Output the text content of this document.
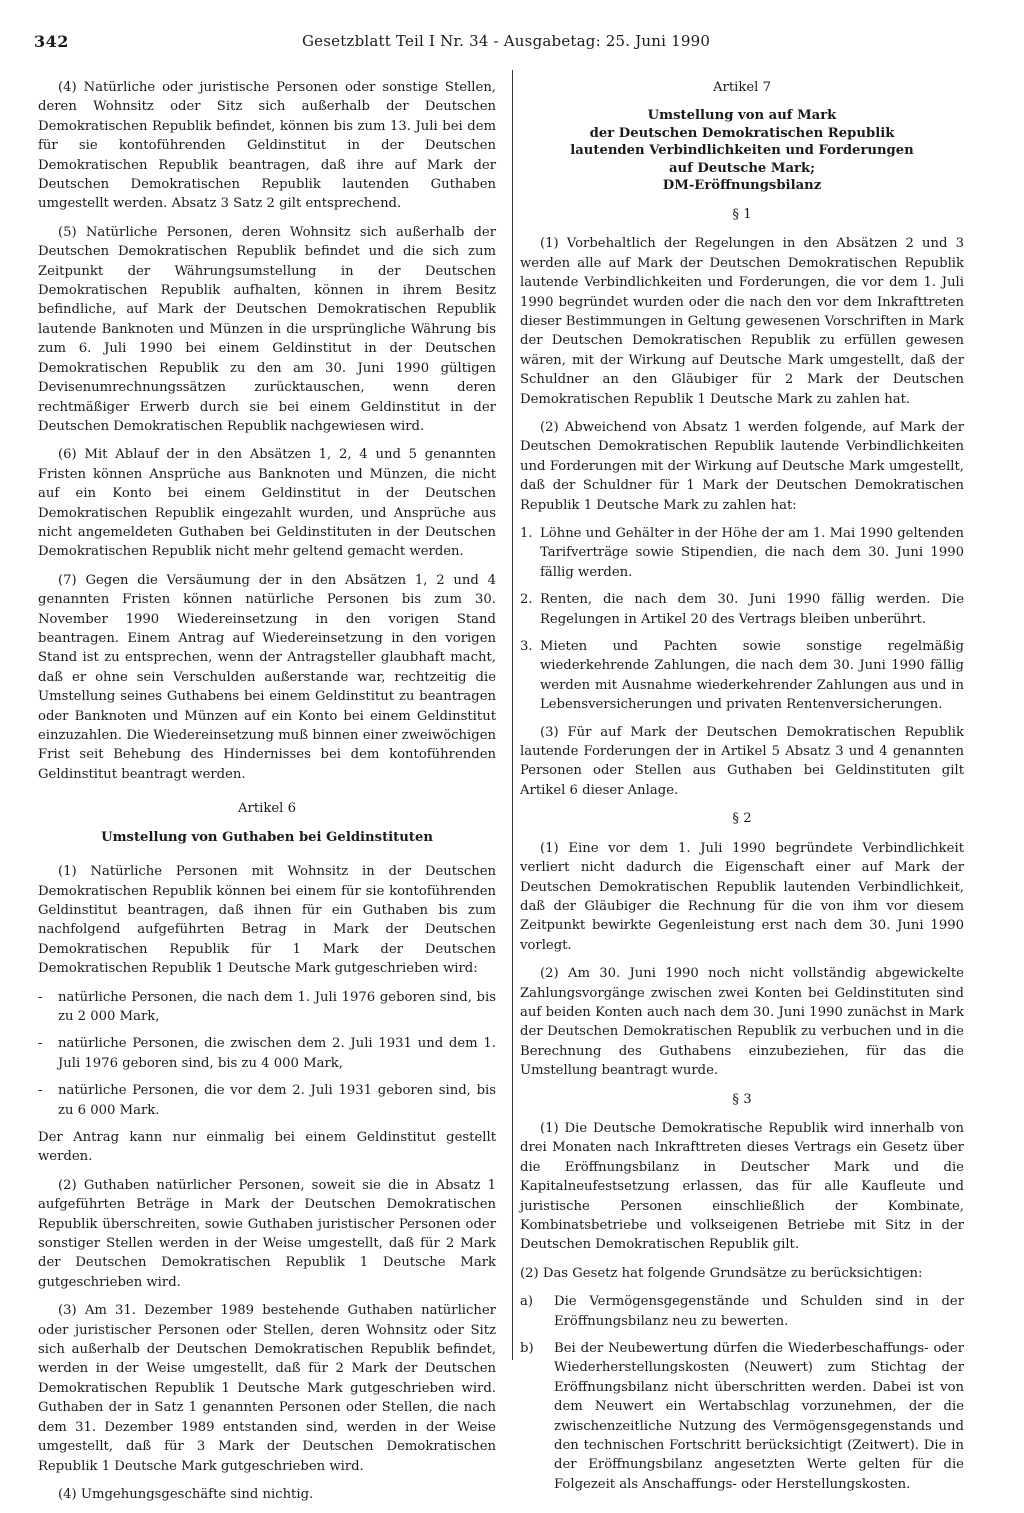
342	Gesetzblatt Teil I Nr. 34 - Ausgabetag: 25. Juni 1990

(4) Natürliche oder juristische Personen oder sonstige Stellen, deren Wohnsitz oder Sitz sich außerhalb der Deutschen Demokratischen Republik befindet, können bis zum 13. Juli bei dem für sie kontoführenden Geldinstitut in der Deutschen Demokratischen Republik beantragen, daß ihre auf Mark der Deutschen Demokratischen Republik lautenden Guthaben umgestellt werden. Absatz 3 Satz 2 gilt entsprechend.

(5) Natürliche Personen, deren Wohnsitz sich außerhalb der Deutschen Demokratischen Republik befindet und die sich zum Zeitpunkt der Währungsumstellung in der Deutschen Demokratischen Republik aufhalten, können in ihrem Besitz befindliche, auf Mark der Deutschen Demokratischen Republik lautende Banknoten und Münzen in die ursprüngliche Währung bis zum 6. Juli 1990 bei einem Geldinstitut in der Deutschen Demokratischen Republik zu den am 30. Juni 1990 gültigen Devisenumrechnungssätzen zurücktauschen, wenn deren rechtmäßiger Erwerb durch sie bei einem Geldinstitut in der Deutschen Demokratischen Republik nachgewiesen wird.

(6) Mit Ablauf der in den Absätzen 1, 2, 4 und 5 genannten Fristen können Ansprüche aus Banknoten und Münzen, die nicht auf ein Konto bei einem Geldinstitut in der Deutschen Demokratischen Republik eingezahlt wurden, und Ansprüche aus nicht angemeldeten Guthaben bei Geldinstituten in der Deutschen Demokratischen Republik nicht mehr geltend gemacht werden.

(7) Gegen die Versäumung der in den Absätzen 1, 2 und 4 genannten Fristen können natürliche Personen bis zum 30. November 1990 Wiedereinsetzung in den vorigen Stand beantragen. Einem Antrag auf Wiedereinsetzung in den vorigen Stand ist zu entsprechen, wenn der Antragsteller glaubhaft macht, daß er ohne sein Verschulden außerstande war, rechtzeitig die Umstellung seines Guthabens bei einem Geldinstitut zu beantragen oder Banknoten und Münzen auf ein Konto bei einem Geldinstitut einzuzahlen. Die Wiedereinsetzung muß binnen einer zweiwöchigen Frist seit Behebung des Hindernisses bei dem kontoführenden Geldinstitut beantragt werden.

Artikel 6

Umstellung von Guthaben bei Geldinstituten

(1) Natürliche Personen mit Wohnsitz in der Deutschen Demokratischen Republik können bei einem für sie kontoführenden Geldinstitut beantragen, daß ihnen für ein Guthaben bis zum nachfolgend aufgeführten Betrag in Mark der Deutschen Demokratischen Republik für 1 Mark der Deutschen Demokratischen Republik 1 Deutsche Mark gutgeschrieben wird:

-	natürliche Personen, die nach dem 1. Juli 1976 geboren sind, bis zu 2 000 Mark,
-	natürliche Personen, die zwischen dem 2. Juli 1931 und dem 1. Juli 1976 geboren sind, bis zu 4 000 Mark,
-	natürliche Personen, die vor dem 2. Juli 1931 geboren sind, bis zu 6 000 Mark.

Der Antrag kann nur einmalig bei einem Geldinstitut gestellt werden.

(2) Guthaben natürlicher Personen, soweit sie die in Absatz 1 aufgeführten Beträge in Mark der Deutschen Demokratischen Republik überschreiten, sowie Guthaben juristischer Personen oder sonstiger Stellen werden in der Weise umgestellt, daß für 2 Mark der Deutschen Demokratischen Republik 1 Deutsche Mark gutgeschrieben wird.

(3) Am 31. Dezember 1989 bestehende Guthaben natürlicher oder juristischer Personen oder Stellen, deren Wohnsitz oder Sitz sich außerhalb der Deutschen Demokratischen Republik befindet, werden in der Weise umgestellt, daß für 2 Mark der Deutschen Demokratischen Republik 1 Deutsche Mark gutgeschrieben wird. Guthaben der in Satz 1 genannten Personen oder Stellen, die nach dem 31. Dezember 1989 entstanden sind, werden in der Weise umgestellt, daß für 3 Mark der Deutschen Demokratischen Republik 1 Deutsche Mark gutgeschrieben wird.

(4) Umgehungsgeschäfte sind nichtig.

Artikel 7

Umstellung von auf Mark
der Deutschen Demokratischen Republik
lautenden Verbindlichkeiten und Forderungen
auf Deutsche Mark;
DM-Eröffnungsbilanz

§ 1

(1) Vorbehaltlich der Regelungen in den Absätzen 2 und 3 werden alle auf Mark der Deutschen Demokratischen Republik lautende Verbindlichkeiten und Forderungen, die vor dem 1. Juli 1990 begründet wurden oder die nach den vor dem Inkrafttreten dieser Bestimmungen in Geltung gewesenen Vorschriften in Mark der Deutschen Demokratischen Republik zu erfüllen gewesen wären, mit der Wirkung auf Deutsche Mark umgestellt, daß der Schuldner an den Gläubiger für 2 Mark der Deutschen Demokratischen Republik 1 Deutsche Mark zu zahlen hat.

(2) Abweichend von Absatz 1 werden folgende, auf Mark der Deutschen Demokratischen Republik lautende Verbindlichkeiten und Forderungen mit der Wirkung auf Deutsche Mark umgestellt, daß der Schuldner für 1 Mark der Deutschen Demokratischen Republik 1 Deutsche Mark zu zahlen hat:

1. Löhne und Gehälter in der Höhe der am 1. Mai 1990 geltenden Tarifverträge sowie Stipendien, die nach dem 30. Juni 1990 fällig werden.
2. Renten, die nach dem 30. Juni 1990 fällig werden. Die Regelungen in Artikel 20 des Vertrags bleiben unberührt.
3. Mieten und Pachten sowie sonstige regelmäßig wiederkehrende Zahlungen, die nach dem 30. Juni 1990 fällig werden mit Ausnahme wiederkehrender Zahlungen aus und in Lebensversicherungen und privaten Rentenversicherungen.

(3) Für auf Mark der Deutschen Demokratischen Republik lautende Forderungen der in Artikel 5 Absatz 3 und 4 genannten Personen oder Stellen aus Guthaben bei Geldinstituten gilt Artikel 6 dieser Anlage.

§ 2

(1) Eine vor dem 1. Juli 1990 begründete Verbindlichkeit verliert nicht dadurch die Eigenschaft einer auf Mark der Deutschen Demokratischen Republik lautenden Verbindlichkeit, daß der Gläubiger die Rechnung für die von ihm vor diesem Zeitpunkt bewirkte Gegenleistung erst nach dem 30. Juni 1990 vorlegt.

(2) Am 30. Juni 1990 noch nicht vollständig abgewickelte Zahlungsvorgänge zwischen zwei Konten bei Geldinstituten sind auf beiden Konten auch nach dem 30. Juni 1990 zunächst in Mark der Deutschen Demokratischen Republik zu verbuchen und in die Berechnung des Guthabens einzubeziehen, für das die Umstellung beantragt wurde.

§ 3

(1) Die Deutsche Demokratische Republik wird innerhalb von drei Monaten nach Inkrafttreten dieses Vertrags ein Gesetz über die Eröffnungsbilanz in Deutscher Mark und die Kapitalneufestsetzung erlassen, das für alle Kaufleute und juristische Personen einschließlich der Kombinate, Kombinatsbetriebe und volkseigenen Betriebe mit Sitz in der Deutschen Demokratischen Republik gilt.

(2) Das Gesetz hat folgende Grundsätze zu berücksichtigen:

a)	Die Vermögensgegenstände und Schulden sind in der Eröffnungsbilanz neu zu bewerten.
b)	Bei der Neubewertung dürfen die Wiederbeschaffungs- oder Wiederherstellungskosten (Neuwert) zum Stichtag der Eröffnungsbilanz nicht überschritten werden. Dabei ist von dem Neuwert ein Wertabschlag vorzunehmen, der die zwischenzeitliche Nutzung des Vermögensgegenstands und den technischen Fortschritt berücksichtigt (Zeitwert). Die in der Eröffnungsbilanz angesetzten Werte gelten für die Folgezeit als Anschaffungs- oder Herstellungskosten.
